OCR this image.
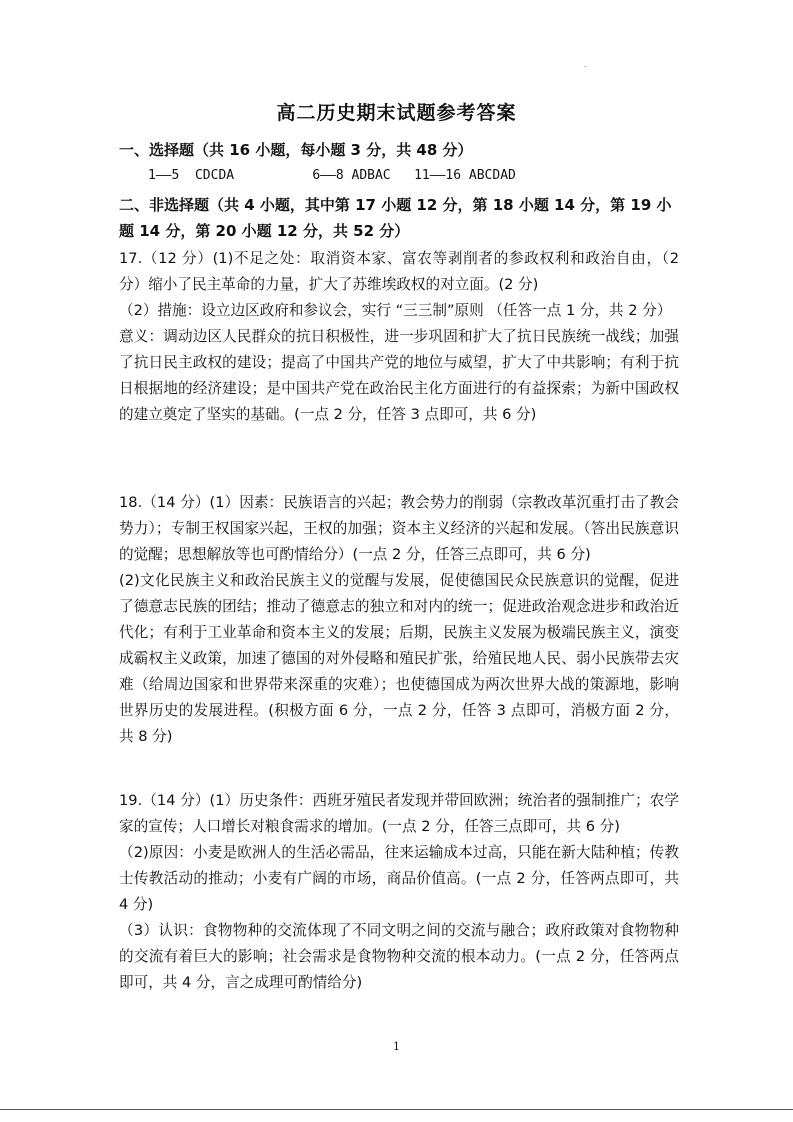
.
高二历史期末试题参考答案
一、选择题（共 16 小题，每小题 3 分，共 48 分）
1——5  CDCDA          6——8 ADBAC   11——16 ABCDAD
二、非选择题（共 4 小题，其中第 17 小题 12 分，第 18 小题 14 分，第 19 小题 14 分，第 20 小题 12 分，共 52 分）

17.（12 分）(1)不足之处：取消资本家、富农等剥削者的参政权利和政治自由，（2 分）缩小了民主革命的力量，扩大了苏维埃政权的对立面。(2 分)

（2）措施：设立边区政府和参议会，实行 “三三制”原则 （任答一点 1 分，共 2 分）

意义：调动边区人民群众的抗日积极性，进一步巩固和扩大了抗日民族统一战线；加强了抗日民主政权的建设；提高了中国共产党的地位与威望，扩大了中共影响；有利于抗日根据地的经济建设；是中国共产党在政治民主化方面进行的有益探索；为新中国政权的建立奠定了坚实的基础。(一点 2 分，任答 3 点即可，共 6 分)

18.（14 分）(1）因素：民族语言的兴起；教会势力的削弱（宗教改革沉重打击了教会势力）；专制王权国家兴起，王权的加强；资本主义经济的兴起和发展。（答出民族意识的觉醒；思想解放等也可酌情给分）(一点 2 分，任答三点即可，共 6 分)

(2)文化民族主义和政治民族主义的觉醒与发展，促使德国民众民族意识的觉醒，促进了德意志民族的团结；推动了德意志的独立和对内的统一；促进政治观念进步和政治近代化；有利于工业革命和资本主义的发展；后期，民族主义发展为极端民族主义，演变成霸权主义政策，加速了德国的对外侵略和殖民扩张，给殖民地人民、弱小民族带去灾难（给周边国家和世界带来深重的灾难）；也使德国成为两次世界大战的策源地，影响世界历史的发展进程。(积极方面 6 分，一点 2 分，任答 3 点即可，消极方面 2 分，共 8 分)

19.（14 分）(1）历史条件：西班牙殖民者发现并带回欧洲；统治者的强制推广；农学家的宣传；人口增长对粮食需求的增加。(一点 2 分，任答三点即可，共 6 分)

（2)原因：小麦是欧洲人的生活必需品，往来运输成本过高，只能在新大陆种植；传教士传教活动的推动；小麦有广阔的市场，商品价值高。(一点 2 分，任答两点即可，共 4 分)

（3）认识：食物物种的交流体现了不同文明之间的交流与融合；政府政策对食物物种的交流有着巨大的影响；社会需求是食物物种交流的根本动力。(一点 2 分，任答两点即可，共 4 分，言之成理可酌情给分)

1
